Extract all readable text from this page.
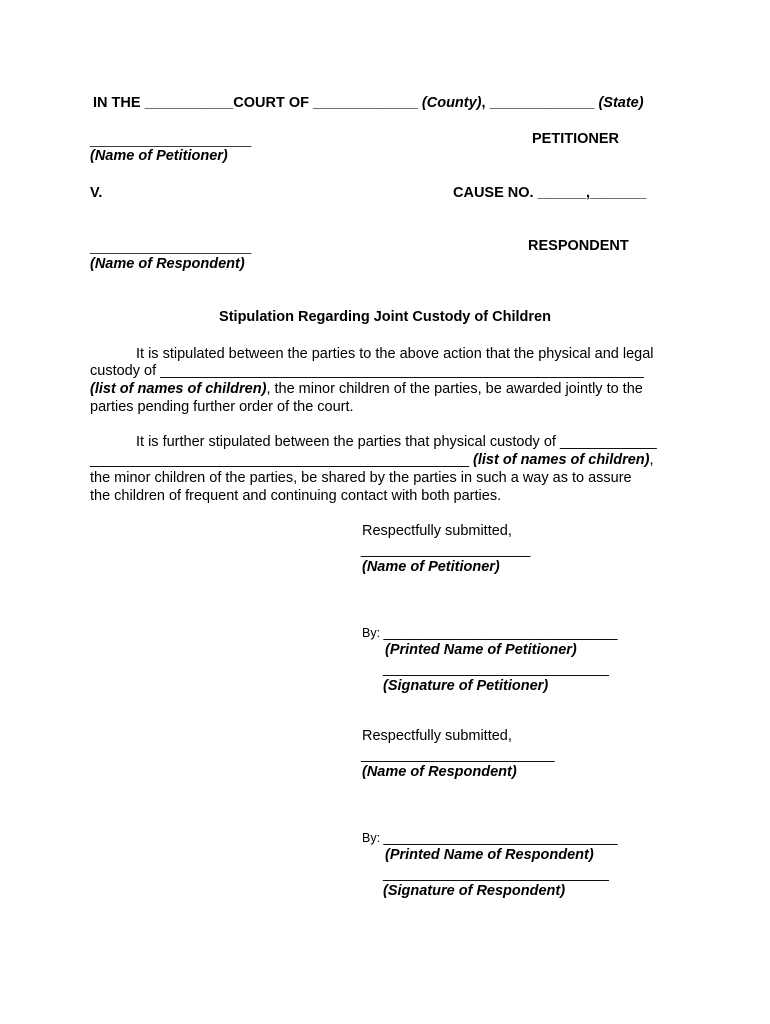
IN THE ___________COURT OF _____________ (County), _____________ (State)
____________________	PETITIONER
(Name of Petitioner)
V.	CAUSE NO. ______,_______
____________________	RESPONDENT
(Name of Respondent)
Stipulation Regarding Joint Custody of Children
It is stipulated between the parties to the above action that the physical and legal
custody of ____________________________________________________________
(list of names of children), the minor children of the parties, be awarded jointly to the
parties pending further order of the court.
It is further stipulated between the parties that physical custody of ____________
_______________________________________________ (list of names of children),
the minor children of the parties, be shared by the parties in such a way as to assure
the children of frequent and continuing contact with both parties.
Respectfully submitted,
_____________________
(Name of Petitioner)
By: _____________________________
(Printed Name of Petitioner)
____________________________
(Signature of Petitioner)
Respectfully submitted,
________________________
(Name of Respondent)
By: _____________________________
(Printed Name of Respondent)
____________________________
(Signature of Respondent)
